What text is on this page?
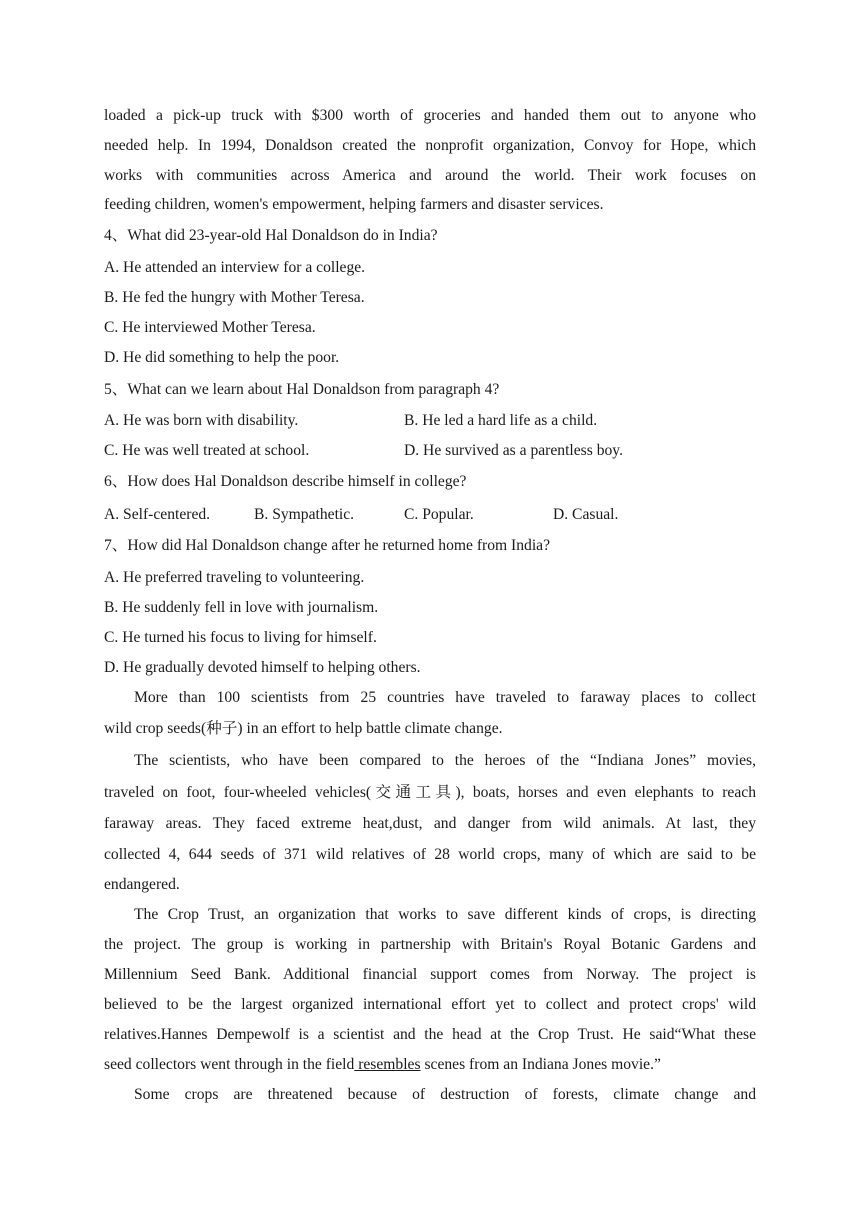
loaded a pick-up truck with $300 worth of groceries and handed them out to anyone who
needed help. In 1994, Donaldson created the nonprofit organization, Convoy for Hope, which
works with communities across America and around the world. Their work focuses on
feeding children, women's empowerment, helping farmers and disaster services.
4、What did 23-year-old Hal Donaldson do in India?
A. He attended an interview for a college.
B. He fed the hungry with Mother Teresa.
C. He interviewed Mother Teresa.
D. He did something to help the poor.
5、What can we learn about Hal Donaldson from paragraph 4?
A. He was born with disability.	B. He led a hard life as a child.
C. He was well treated at school.	D. He survived as a parentless boy.
6、How does Hal Donaldson describe himself in college?
A. Self-centered.	B. Sympathetic.	C. Popular.	D. Casual.
7、How did Hal Donaldson change after he returned home from India?
A. He preferred traveling to volunteering.
B. He suddenly fell in love with journalism.
C. He turned his focus to living for himself.
D. He gradually devoted himself to helping others.
More than 100 scientists from 25 countries have traveled to faraway places to collect
wild crop seeds(种子) in an effort to help battle climate change.
The scientists, who have been compared to the heroes of the “Indiana Jones” movies,
traveled on foot, four-wheeled vehicles(交通工具), boats, horses and even elephants to reach
faraway areas. They faced extreme heat,dust, and danger from wild animals. At last, they
collected 4, 644 seeds of 371 wild relatives of 28 world crops, many of which are said to be
endangered.
The Crop Trust, an organization that works to save different kinds of crops, is directing
the project. The group is working in partnership with Britain's Royal Botanic Gardens and
Millennium Seed Bank. Additional financial support comes from Norway. The project is
believed to be the largest organized international effort yet to collect and protect crops' wild
relatives.Hannes Dempewolf is a scientist and the head at the Crop Trust. He said“What these
seed collectors went through in the field resembles scenes from an Indiana Jones movie.”
Some crops are threatened because of destruction of forests, climate change and
